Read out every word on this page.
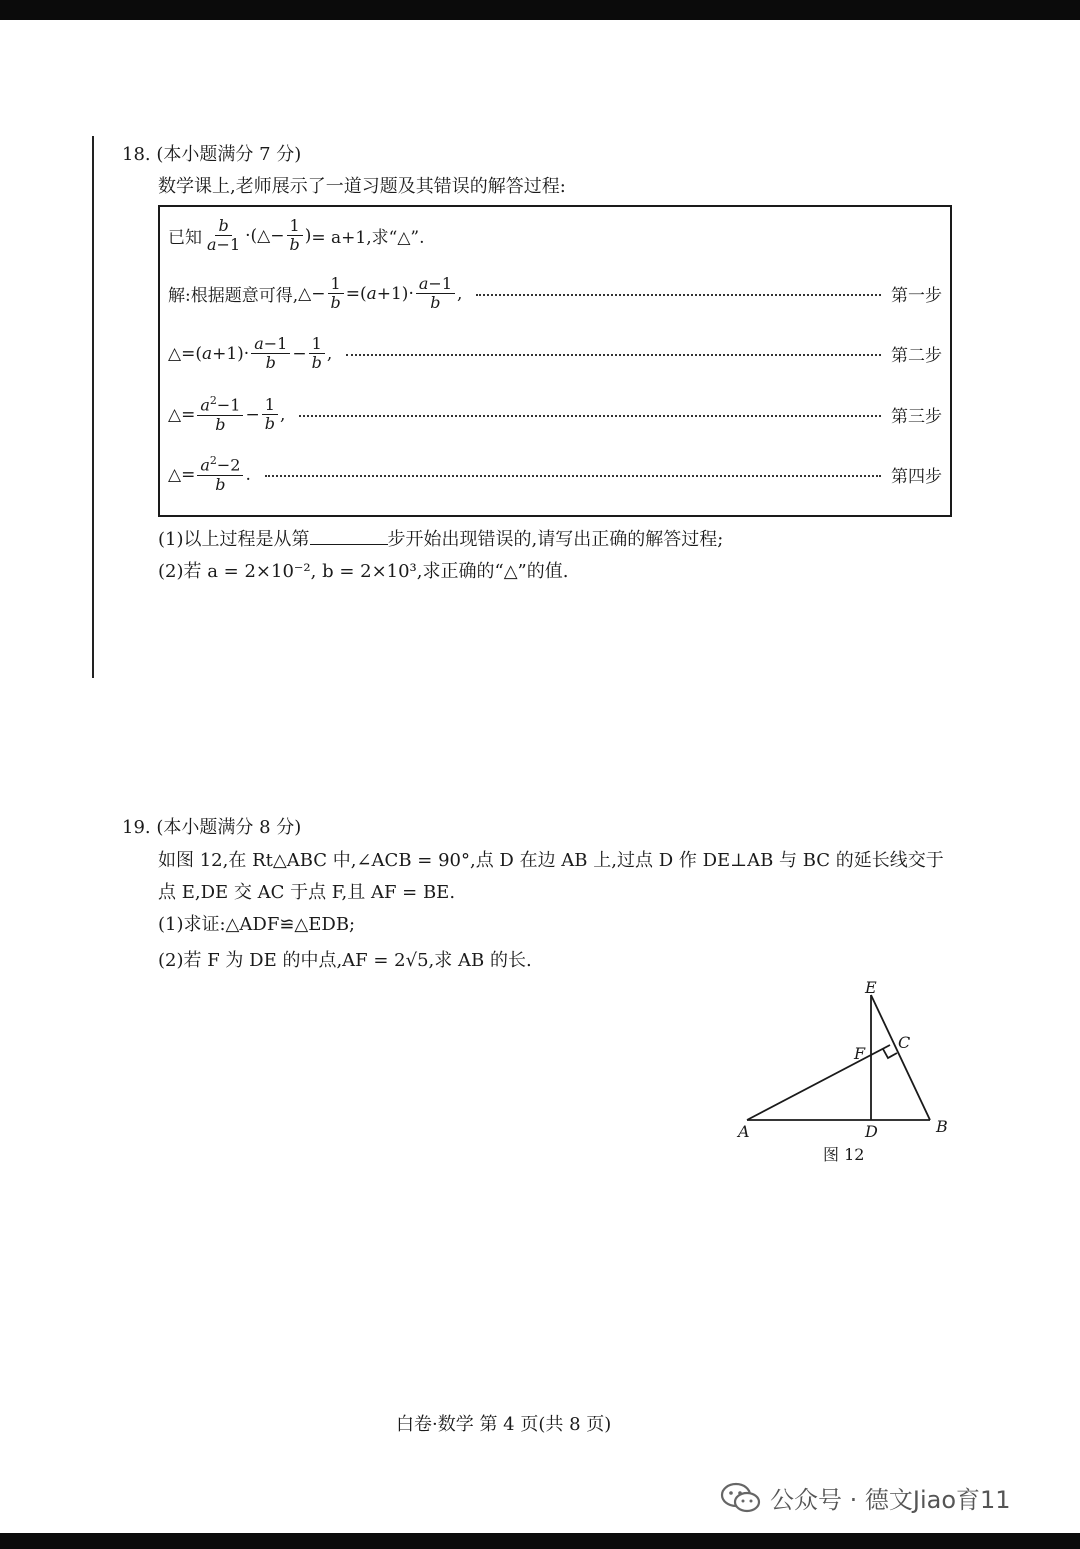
18. (本小题满分 7 分)
数学课上,老师展示了一道习题及其错误的解答过程:
已知 $\frac{b}{a-1}$ ·(△− $\frac{1}{b}$ ) = a+1,求“△”.
解:根据题意可得, △− $\frac{1}{b} =(a+1)\cdot \frac{a-1}{b}$ ,	第一步
△=(a+1)· $\frac{a-1}{b} - \frac{1}{b}$ ,	第二步
△= $\frac{a^2-1}{b} - \frac{1}{b}$ ,	第三步
△= $\frac{a^2-2}{b}$ .	第四步
(1)以上过程是从第	步开始出现错误的,请写出正确的解答过程;
(2)若 a = 2×10⁻², b = 2×10³,求正确的“△”的值.
19. (本小题满分 8 分)
如图 12,在 Rt△ABC 中,∠ACB = 90°,点 D 在边 AB 上,过点 D 作 DE⊥AB 与 BC 的延长线交于
点 E,DE 交 AC 于点 F,且 AF = BE.
(1)求证:△ADF≌△EDB;
(2)若 F 为 DE 的中点,AF = 2√5,求 AB 的长.
E
C
F
A	D	B
图 12
白卷·数学 第 4 页(共 8 页)
公众号 · 德文Jiao育11
